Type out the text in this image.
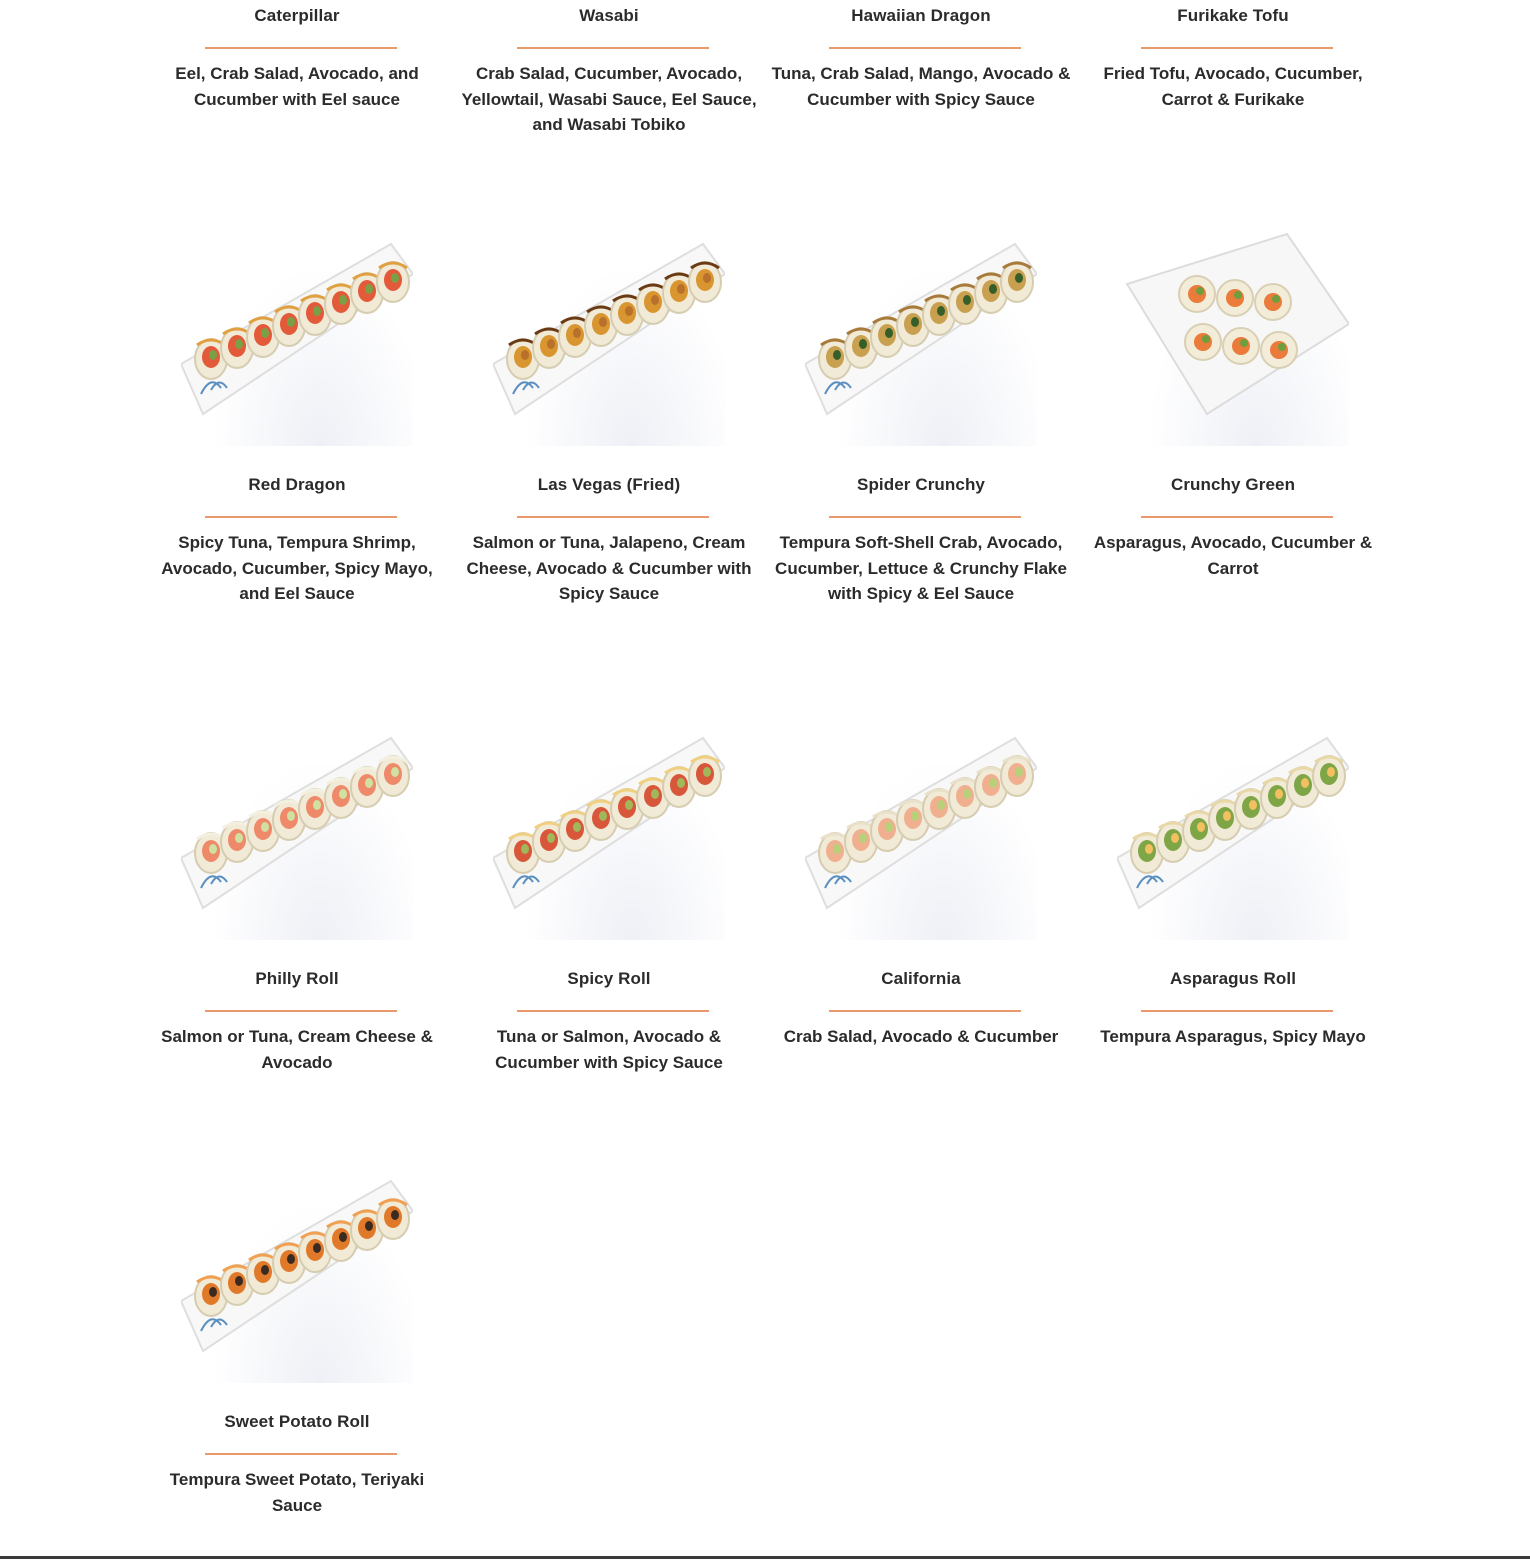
Caterpillar
Eel, Crab Salad, Avocado, and Cucumber with Eel sauce
Wasabi
Crab Salad, Cucumber, Avocado, Yellowtail, Wasabi Sauce, Eel Sauce, and Wasabi Tobiko
Hawaiian Dragon
Tuna, Crab Salad, Mango, Avocado & Cucumber with Spicy Sauce
Furikake Tofu
Fried Tofu, Avocado, Cucumber, Carrot & Furikake
Red Dragon
Spicy Tuna, Tempura Shrimp, Avocado, Cucumber, Spicy Mayo, and Eel Sauce
Las Vegas (Fried)
Salmon or Tuna, Jalapeno, Cream Cheese, Avocado & Cucumber with Spicy Sauce
Spider Crunchy
Tempura Soft-Shell Crab, Avocado, Cucumber, Lettuce & Crunchy Flake with Spicy & Eel Sauce
Crunchy Green
Asparagus, Avocado, Cucumber & Carrot
Philly Roll
Salmon or Tuna, Cream Cheese & Avocado
Spicy Roll
Tuna or Salmon, Avocado & Cucumber with Spicy Sauce
California
Crab Salad, Avocado & Cucumber
Asparagus Roll
Tempura Asparagus, Spicy Mayo
Sweet Potato Roll
Tempura Sweet Potato, Teriyaki Sauce
